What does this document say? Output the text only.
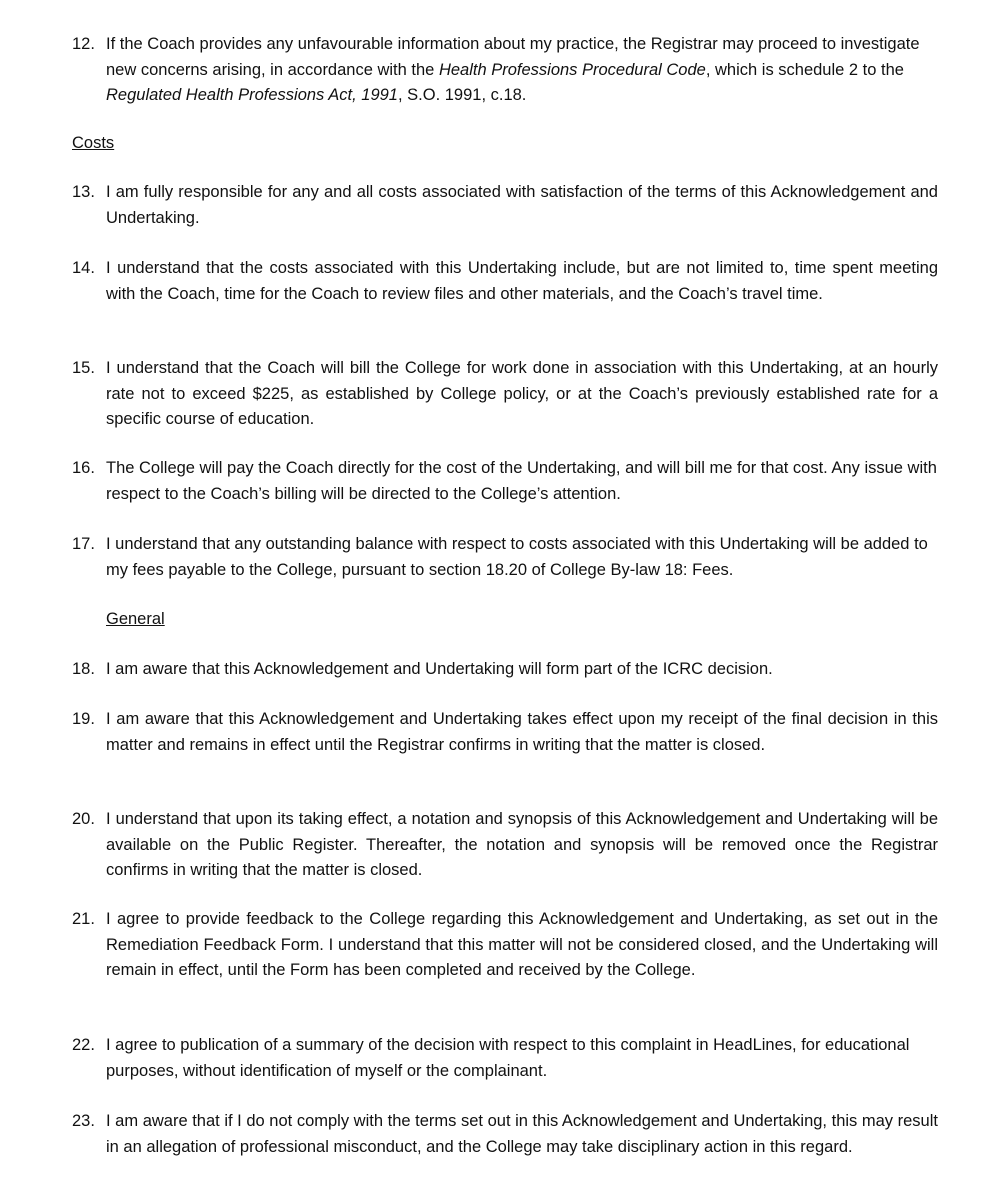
12. If the Coach provides any unfavourable information about my practice, the Registrar may proceed to investigate new concerns arising, in accordance with the Health Professions Procedural Code, which is schedule 2 to the Regulated Health Professions Act, 1991, S.O. 1991, c.18.
Costs
13. I am fully responsible for any and all costs associated with satisfaction of the terms of this Acknowledgement and Undertaking.
14. I understand that the costs associated with this Undertaking include, but are not limited to, time spent meeting with the Coach, time for the Coach to review files and other materials, and the Coach’s travel time.
15. I understand that the Coach will bill the College for work done in association with this Undertaking, at an hourly rate not to exceed $225, as established by College policy, or at the Coach’s previously established rate for a specific course of education.
16. The College will pay the Coach directly for the cost of the Undertaking, and will bill me for that cost. Any issue with respect to the Coach’s billing will be directed to the College’s attention.
17. I understand that any outstanding balance with respect to costs associated with this Undertaking will be added to my fees payable to the College, pursuant to section 18.20 of College By-law 18: Fees.
General
18. I am aware that this Acknowledgement and Undertaking will form part of the ICRC decision.
19. I am aware that this Acknowledgement and Undertaking takes effect upon my receipt of the final decision in this matter and remains in effect until the Registrar confirms in writing that the matter is closed.
20. I understand that upon its taking effect, a notation and synopsis of this Acknowledgement and Undertaking will be available on the Public Register. Thereafter, the notation and synopsis will be removed once the Registrar confirms in writing that the matter is closed.
21. I agree to provide feedback to the College regarding this Acknowledgement and Undertaking, as set out in the Remediation Feedback Form. I understand that this matter will not be considered closed, and the Undertaking will remain in effect, until the Form has been completed and received by the College.
22. I agree to publication of a summary of the decision with respect to this complaint in HeadLines, for educational purposes, without identification of myself or the complainant.
23. I am aware that if I do not comply with the terms set out in this Acknowledgement and Undertaking, this may result in an allegation of professional misconduct, and the College may take disciplinary action in this regard.
